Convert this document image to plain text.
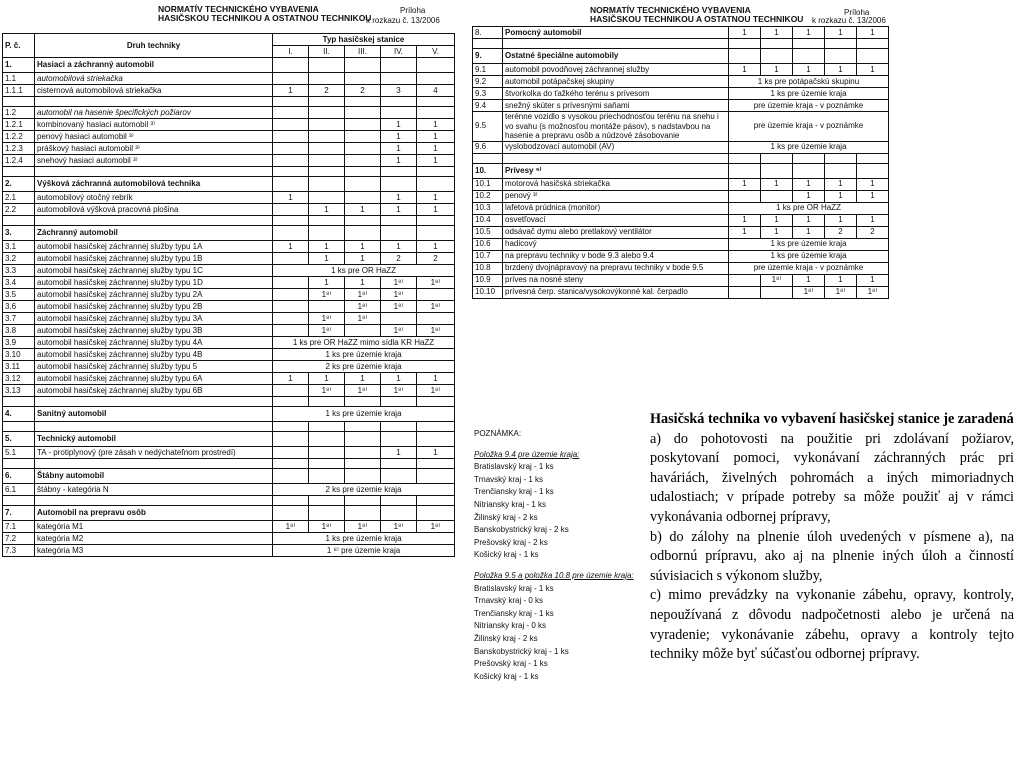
NORMATÍV TECHNICKÉHO VYBAVENIA
HASIČSKOU TECHNIKOU A OSTATNOU TECHNIKOU
Príloha
k rozkazu č. 13/2006
P. č.	Druh techniky	Typ hasičskej stanice				
		I.	II.	III.	IV.	V.
1.	Hasiaci a záchranný automobil					
1.1	automobilová striekačka					
1.1.1	cisternová automobilová striekačka	1	2	2	3	4

1.2	automobil na hasenie špecifických požiarov					
1.2.1	kombinovaný hasiaci automobil ³⁾				1	1
1.2.2	penový hasiaci automobil ³⁾				1	1
1.2.3	práškový hasiaci automobil ³⁾				1	1
1.2.4	snehový hasiaci automobil ³⁾				1	1

2.	Výšková záchranná automobilová technika					
2.1	automobilový otočný rebrík	1			1	1
2.2	automobilová výšková pracovná plošina		1	1	1	1

3.	Záchranný automobil					
3.1	automobil hasičskej záchrannej služby typu 1A	1	1	1	1	1
3.2	automobil hasičskej záchrannej služby typu 1B		1	1	2	2
3.3	automobil hasičskej záchrannej služby typu 1C	1 ks pre OR HaZZ				
3.4	automobil hasičskej záchrannej služby typu 1D		1	1	1⁸⁾	1⁸⁾
3.5	automobil hasičskej záchrannej služby typu 2A		1⁸⁾	1⁸⁾	1⁸⁾	
3.6	automobil hasičskej záchrannej služby typu 2B			1⁸⁾	1⁸⁾	1⁸⁾
3.7	automobil hasičskej záchrannej služby typu 3A		1⁸⁾	1⁸⁾		
3.8	automobil hasičskej záchrannej služby typu 3B		1⁸⁾		1⁸⁾	1⁸⁾
3.9	automobil hasičskej záchrannej služby typu 4A	1 ks pre OR HaZZ mimo sídla KR HaZZ				
3.10	automobil hasičskej záchrannej služby typu 4B	1 ks pre územie kraja				
3.11	automobil hasičskej záchrannej služby typu 5	2 ks pre územie kraja				
3.12	automobil hasičskej záchrannej služby typu 6A	1	1	1	1	1
3.13	automobil hasičskej záchrannej služby typu 6B		1⁸⁾	1⁸⁾	1⁸⁾	1⁸⁾

4.	Sanitný automobil	1 ks pre územie kraja				

5.	Technický automobil					
5.1	TA - protiplynový (pre zásah v nedýchateľnom prostredí)				1	1

6.	Štábny automobil					
6.1	štábny - kategória N	2 ks pre územie kraja				

7.	Automobil na prepravu osôb					
7.1	kategória M1	1⁸⁾	1⁸⁾	1⁸⁾	1⁸⁾	1⁸⁾
7.2	kategória M2	1 ks pre územie kraja				
7.3	kategória M3	1 ⁸⁾ pre územie kraja				
NORMATÍV TECHNICKÉHO VYBAVENIA
HASIČSKOU TECHNIKOU A OSTATNOU TECHNIKOU
Príloha
k rozkazu č. 13/2006
8.	Pomocný automobil	1	1	1	1	1

9.	Ostatné špeciálne automobily					
9.1	automobil povodňovej záchrannej služby	1	1	1	1	1
9.2	automobil potápačskej skupiny	1 ks pre potápačskú skupinu				
9.3	štvorkolka do ťažkého terénu s prívesom	1 ks pre územie kraja				
9.4	snežný skúter s prívesnými saňami	pre územie kraja - v poznámke				
9.5	terénne vozidlo s vysokou priechodnosťou terénu na snehu i vo svahu (s možnosťou montáže pásov), s nadstavbou na hasenie a prepravu osôb a núdzové zásobovanie	pre územie kraja - v poznámke				
9.6	vyslobodzovací automobil (AV)	1 ks pre územie kraja				

10.	Prívesy ⁹⁾					
10.1	motorová hasičská striekačka	1	1	1	1	1
10.2	penový ³⁾			1	1	1
10.3	lafetová prúdnica (monitor)	1 ks pre OR HaZZ				
10.4	osvetľovací	1	1	1	1	1
10.5	odsávač dymu alebo pretlakový ventilátor	1	1	1	2	2
10.6	hadicový	1 ks pre územie kraja				
10.7	na prepravu techniky v bode 9.3 alebo 9.4	1 ks pre územie kraja				
10.8	brzdený dvojnápravový na prepravu techniky v bode 9.5	pre územie kraja - v poznámke				
10.9	príves na nosné steny		1⁸⁾	1	1	1
10.10	prívesná čerp. stanica/vysokovýkonné kal. čerpadlo			1⁸⁾	1⁸⁾	1⁸⁾
POZNÁMKA:
Položka 9.4 pre územie kraja:
Bratislavský kraj - 1 ks
Trnavský kraj - 1 ks
Trenčiansky kraj - 1 ks
Nitriansky kraj - 1 ks
Žilinský kraj - 2 ks
Banskobystrický kraj - 2 ks
Prešovský kraj - 2 ks
Košický kraj - 1 ks
Položka 9.5 a položka 10.8 pre územie kraja:
Bratislavský kraj - 1 ks
Trnavský kraj - 0 ks
Trenčiansky kraj - 1 ks
Nitriansky kraj - 0 ks
Žilinský kraj - 2 ks
Banskobystrický kraj - 1 ks
Prešovský kraj - 1 ks
Košický kraj - 1 ks

Hasičská technika vo vybavení hasičskej stanice je zaradená

a) do pohotovosti na použitie pri zdolávaní požiarov, poskytovaní pomoci, vykonávaní záchranných prác pri haváriách, živelných pohromách a iných mimoriadnych udalostiach; v prípade potreby sa môže použiť aj v rámci vykonávania odbornej prípravy,

b) do zálohy na plnenie úloh uvedených v písmene a), na odbornú prípravu, ako aj na plnenie iných úloh a činností súvisiacich s výkonom služby,

c) mimo prevádzky na vykonanie zábehu, opravy, kontroly, nepoužívaná z dôvodu nadpočetnosti alebo je určená na vyradenie; vykonávanie zábehu, opravy a kontroly tejto techniky môže byť súčasťou odbornej prípravy.
